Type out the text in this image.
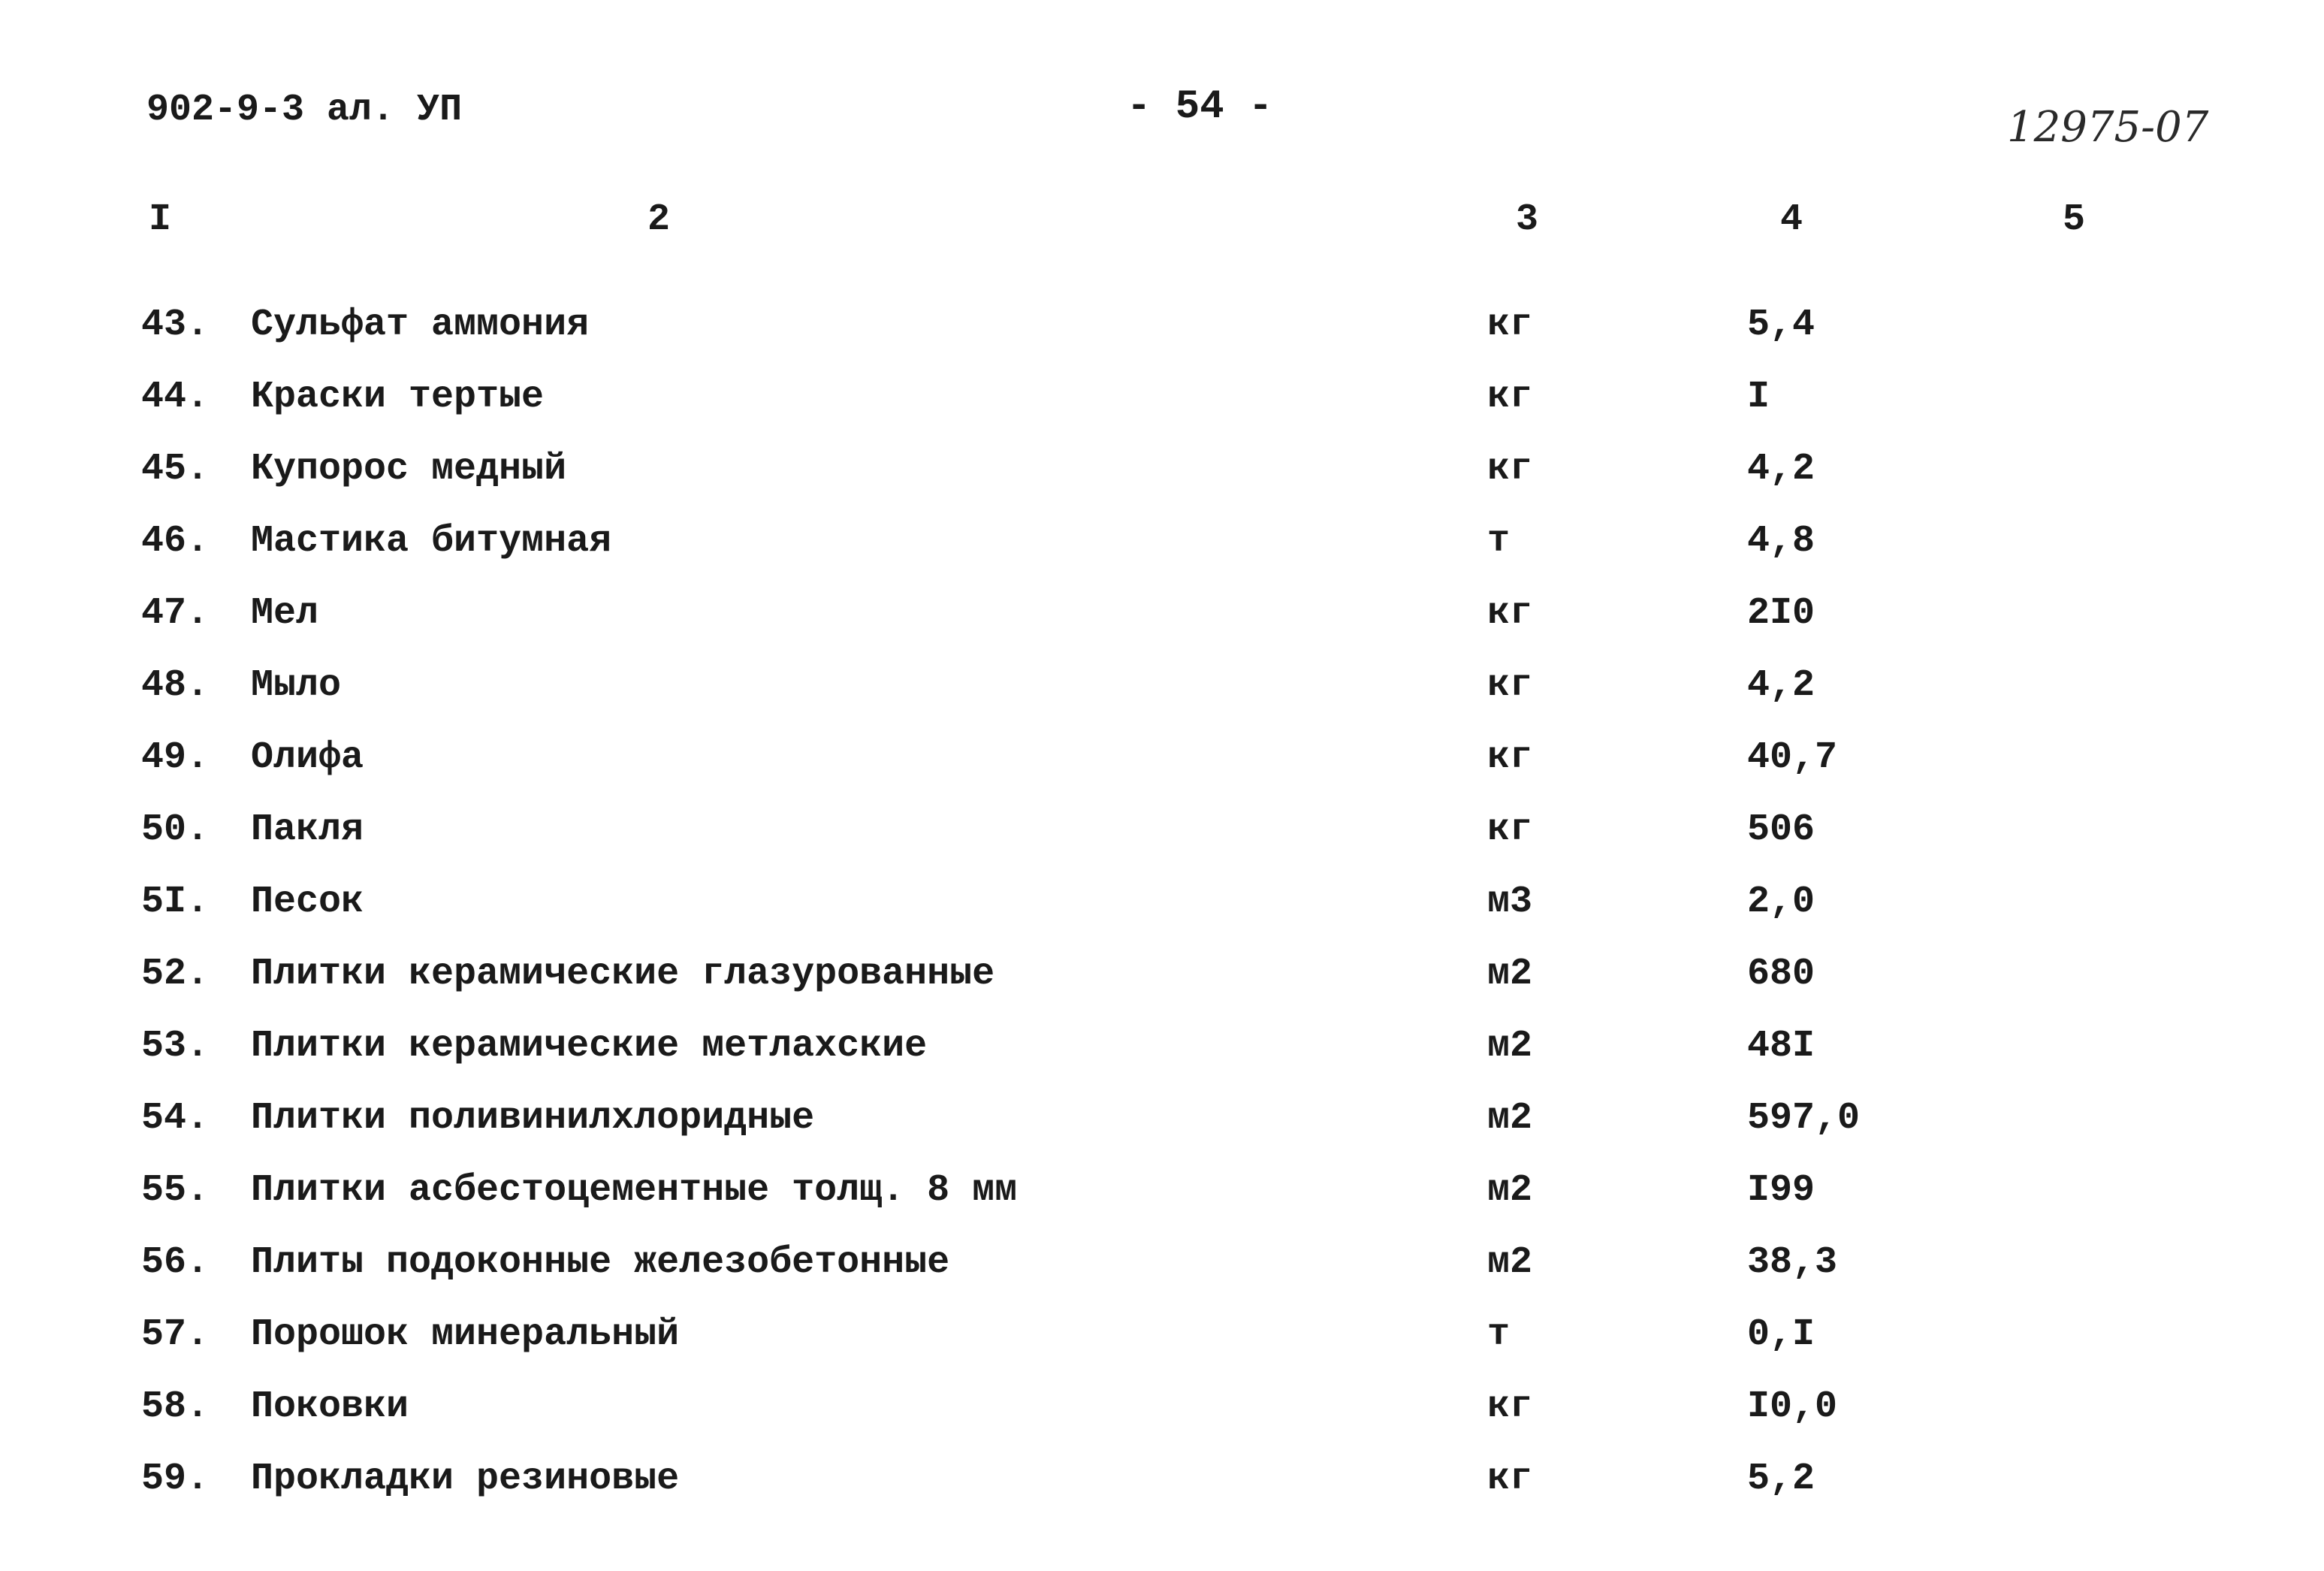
902-9-3 ал. УП	- 54 -	12975-07
I	2	3	4	5
43. Сульфат аммония	кг	5,4
44. Краски тертые	кг	I
45. Купорос медный	кг	4,2
46. Мастика битумная	т	4,8
47. Мел	кг	2I0
48. Мыло	кг	4,2
49. Олифа	кг	40,7
50. Пакля	кг	506
5I. Песок	м3	2,0
52. Плитки керамические глазурованные	м2	680
53. Плитки керамические метлахские	м2	48I
54. Плитки поливинилхлоридные	м2	597,0
55. Плитки асбестоцементные толщ. 8 мм	м2	I99
56. Плиты подоконные железобетонные	м2	38,3
57. Порошок минеральный	т	0,I
58. Поковки	кг	I0,0
59. Прокладки резиновые	кг	5,2
